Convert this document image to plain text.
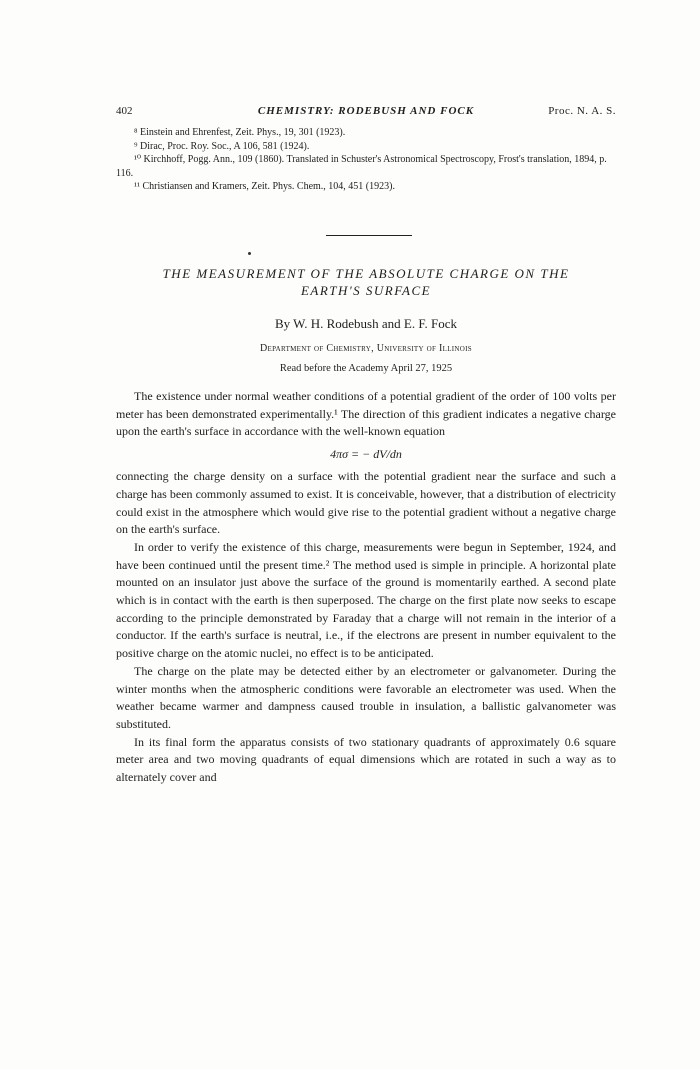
402	CHEMISTRY: RODEBUSH AND FOCK	Proc. N. A. S.
⁸ Einstein and Ehrenfest, Zeit. Phys., 19, 301 (1923).
⁹ Dirac, Proc. Roy. Soc., A 106, 581 (1924).
¹⁰ Kirchhoff, Pogg. Ann., 109 (1860). Translated in Schuster's Astronomical Spectroscopy, Frost's translation, 1894, p. 116.
¹¹ Christiansen and Kramers, Zeit. Phys. Chem., 104, 451 (1923).
THE MEASUREMENT OF THE ABSOLUTE CHARGE ON THE
EARTH'S SURFACE
By W. H. Rodebush and E. F. Fock
Department of Chemistry, University of Illinois
Read before the Academy April 27, 1925

The existence under normal weather conditions of a potential gradient of the order of 100 volts per meter has been demonstrated experimentally.¹ The direction of this gradient indicates a negative charge upon the earth's surface in accordance with the well-known equation

4πσ = − dV/dn

connecting the charge density on a surface with the potential gradient near the surface and such a charge has been commonly assumed to exist. It is conceivable, however, that a distribution of electricity could exist in the atmosphere which would give rise to the potential gradient without a negative charge on the earth's surface.

In order to verify the existence of this charge, measurements were begun in September, 1924, and have been continued until the present time.² The method used is simple in principle. A horizontal plate mounted on an insulator just above the surface of the ground is momentarily earthed. A second plate which is in contact with the earth is then superposed. The charge on the first plate now seeks to escape according to the principle demonstrated by Faraday that a charge will not remain in the interior of a conductor. If the earth's surface is neutral, i.e., if the electrons are present in number equivalent to the positive charge on the atomic nuclei, no effect is to be anticipated.

The charge on the plate may be detected either by an electrometer or galvanometer. During the winter months when the atmospheric conditions were favorable an electrometer was used. When the weather became warmer and dampness caused trouble in insulation, a ballistic galvanometer was substituted.

In its final form the apparatus consists of two stationary quadrants of approximately 0.6 square meter area and two moving quadrants of equal dimensions which are rotated in such a way as to alternately cover and
